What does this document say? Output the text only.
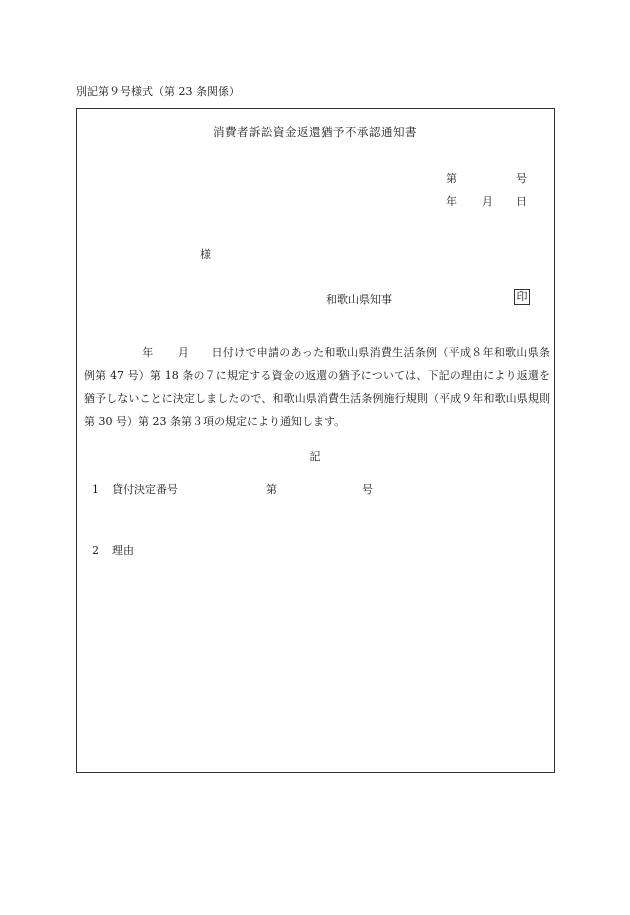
別記第９号様式（第 23 条関係）
消費者訴訟資金返還猶予不承認通知書
第	号
年 月 日
様
和歌山県知事	印
年 月 日付けで申請のあった和歌山県消費生活条例（平成８年和歌山県条例第 47 号）第 18 条の７に規定する資金の返還の猶予については、下記の理由により返還を猶予しないことに決定しましたので、和歌山県消費生活条例施行規則（平成９年和歌山県規則第 30 号）第 23 条第３項の規定により通知します。
記
1 貸付決定番号	第	号
2 理由
